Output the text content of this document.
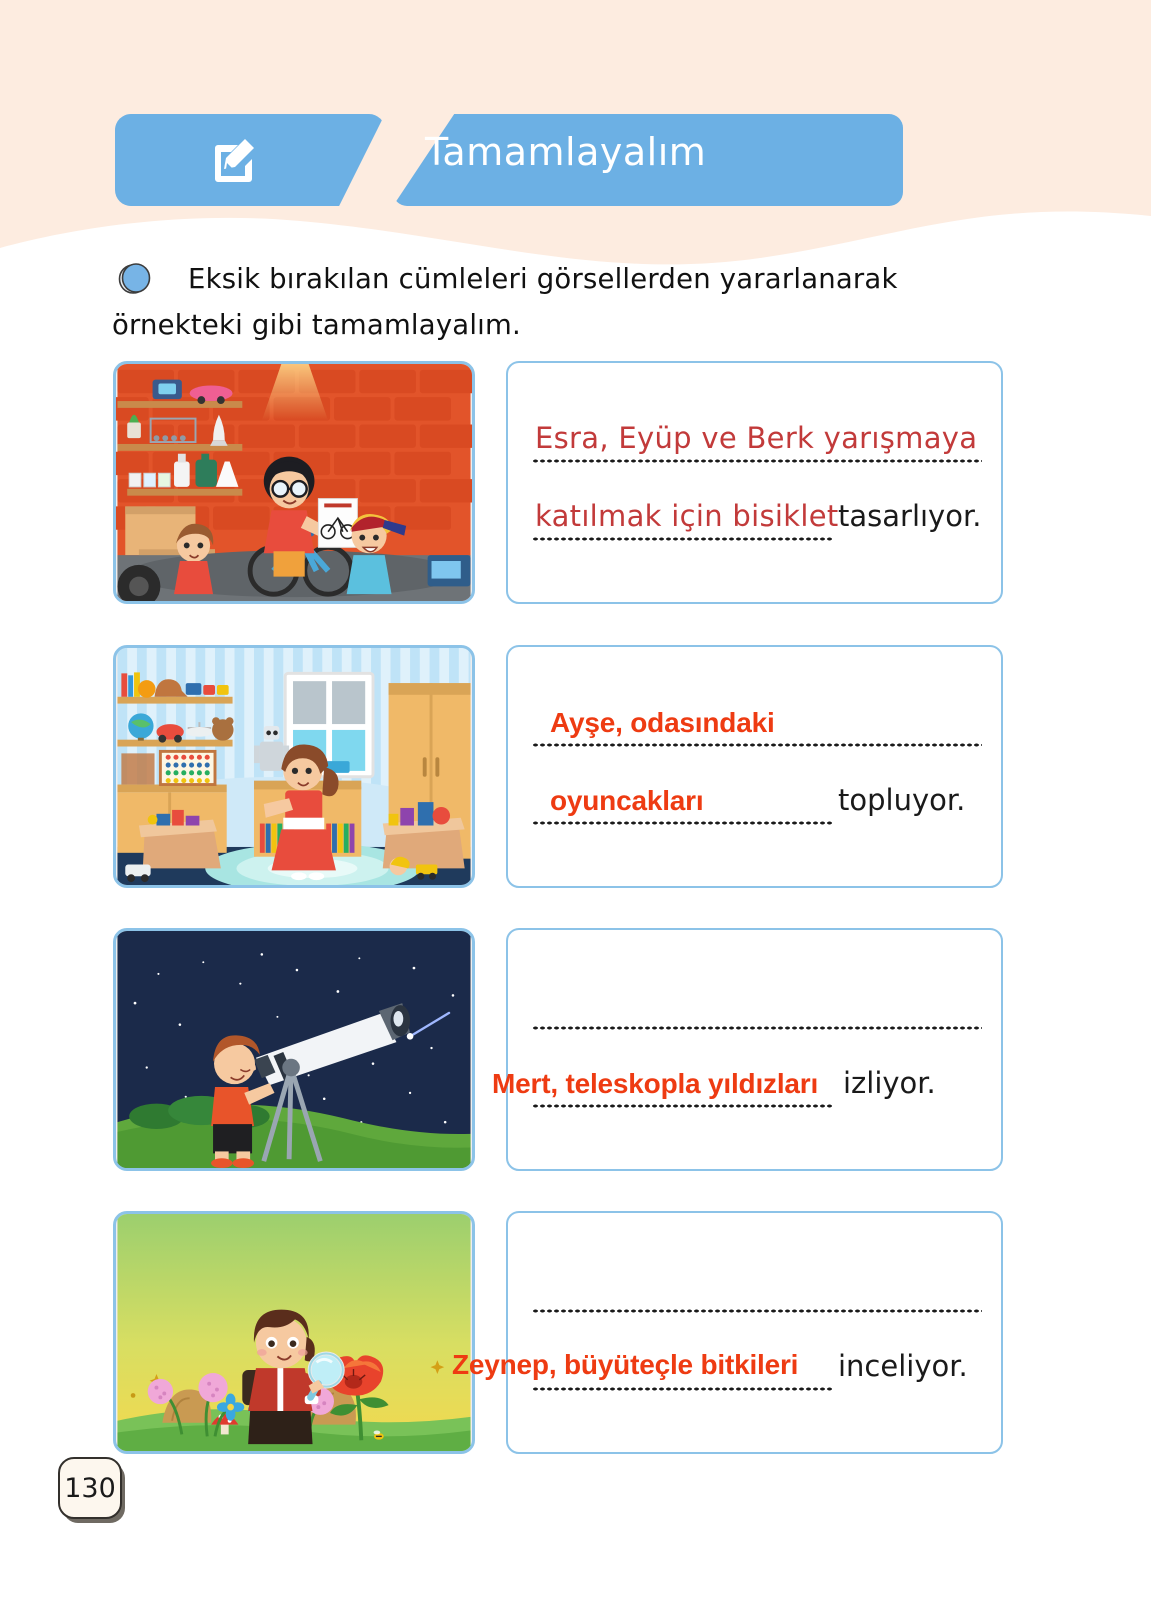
Tamamlayalım
Eksik bırakılan cümleleri görsellerden yararlanarak örnekteki gibi tamamlayalım.
Esra, Eyüp ve Berk yarışmaya
katılmak için bisiklet tasarlıyor.
Ayşe, odasındaki
oyuncakları	topluyor.
Mert, teleskopla yıldızları izliyor.
Zeynep, büyüteçle bitkileri inceliyor.
130
